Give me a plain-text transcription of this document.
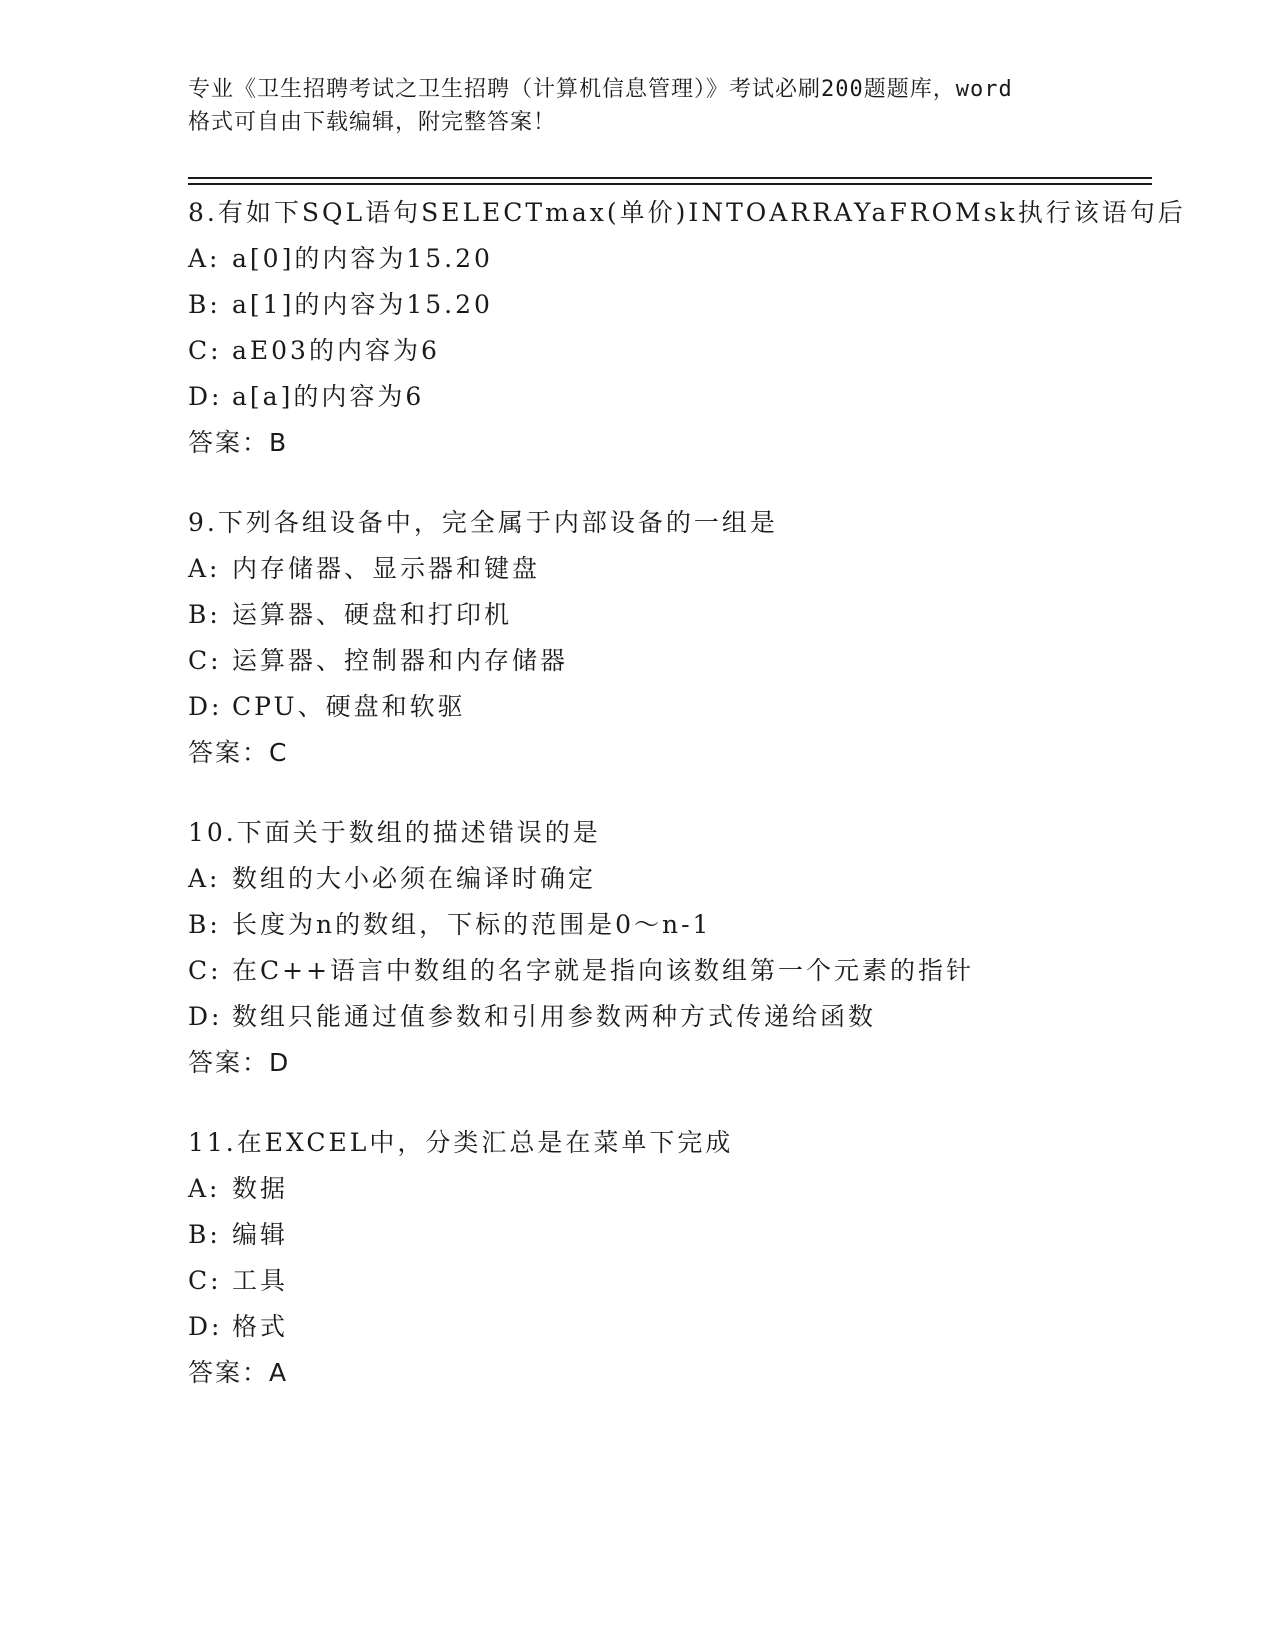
专业《卫生招聘考试之卫生招聘（计算机信息管理）》考试必刷200题题库，word
格式可自由下载编辑，附完整答案！
8.有如下SQL语句SELECTmax(单价)INTOARRAYaFROMsk执行该语句后
A: a[0]的内容为15.20
B: a[1]的内容为15.20
C: aE03的内容为6
D: a[a]的内容为6
答案：B
9.下列各组设备中，完全属于内部设备的一组是
A: 内存储器、显示器和键盘
B: 运算器、硬盘和打印机
C: 运算器、控制器和内存储器
D: CPU、硬盘和软驱
答案：C
10.下面关于数组的描述错误的是
A: 数组的大小必须在编译时确定
B: 长度为n的数组，下标的范围是0～n-1
C: 在C++语言中数组的名字就是指向该数组第一个元素的指针
D: 数组只能通过值参数和引用参数两种方式传递给函数
答案：D
11.在EXCEL中，分类汇总是在菜单下完成
A: 数据
B: 编辑
C: 工具
D: 格式
答案：A
